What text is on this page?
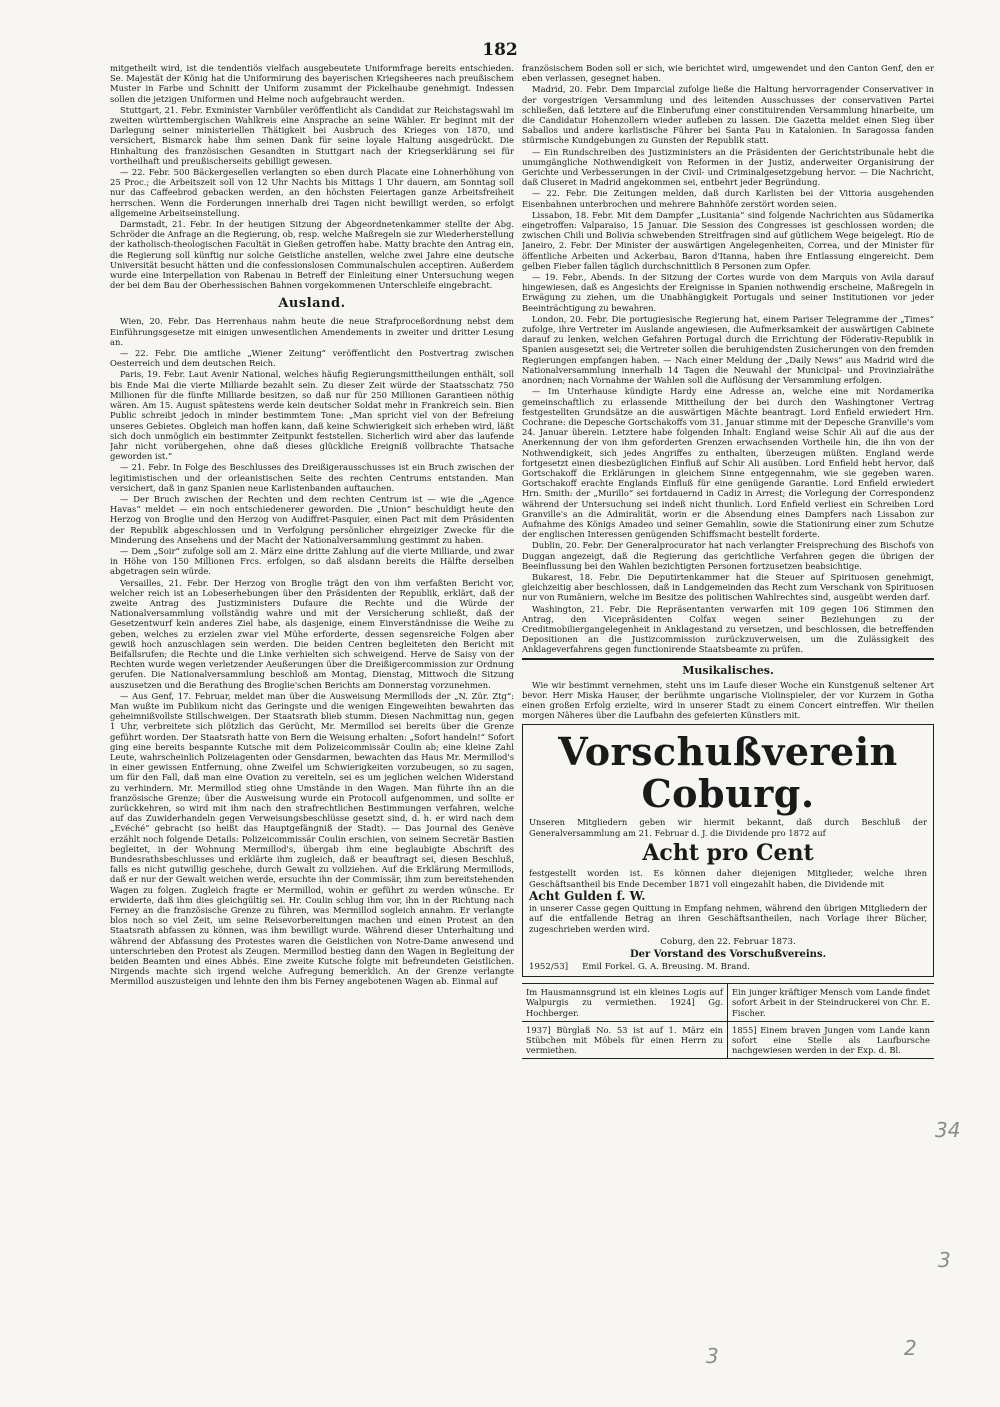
182

mitgetheilt wird, ist die tendentiös vielfach ausgebeutete Uniformfrage bereits entschieden. Se. Majestät der König hat die Uniformirung des bayerischen Kriegsheeres nach preußischem Muster in Farbe und Schnitt der Uniform zusammt der Pickelhaube genehmigt. Indessen sollen die jetzigen Uniformen und Helme noch aufgebraucht werden.

Stuttgart, 21. Febr. Exminister Varnbüler veröffentlicht als Candidat zur Reichstagswahl im zweiten württembergischen Wahlkreis eine Ansprache an seine Wähler. Er beginnt mit der Darlegung seiner ministeriellen Thätigkeit bei Ausbruch des Krieges von 1870, und versichert, Bismarck habe ihm seinen Dank für seine loyale Haltung ausgedrückt. Die Hinhaltung des französischen Gesandten in Stuttgart nach der Kriegserklärung sei für vortheilhaft und preußischerseits gebilligt gewesen.

— 22. Febr. 500 Bäckergesellen verlangten so eben durch Placate eine Lohnerhöhung von 25 Proc.; die Arbeitszeit soll von 12 Uhr Nachts bis Mittags 1 Uhr dauern, am Sonntag soll nur das Caffeebrod gebacken werden, an den höchsten Feiertagen ganze Arbeitsfreiheit herrschen. Wenn die Forderungen innerhalb drei Tagen nicht bewilligt werden, so erfolgt allgemeine Arbeitseinstellung.

Darmstadt, 21. Febr. In der heutigen Sitzung der Abgeordnetenkammer stellte der Abg. Schröder die Anfrage an die Regierung, ob, resp. welche Maßregeln sie zur Wiederherstellung der katholisch-theologischen Facultät in Gießen getroffen habe. Matty brachte den Antrag ein, die Regierung soll künftig nur solche Geistliche anstellen, welche zwei Jahre eine deutsche Universität besucht hätten und die confessionslosen Communalschulen acceptiren. Außerdem wurde eine Interpellation von Rabenau in Betreff der Einleitung einer Untersuchung wegen der bei dem Bau der Oberhessischen Bahnen vorgekommenen Unterschleife eingebracht.

Ausland.

Wien, 20. Febr. Das Herrenhaus nahm heute die neue Strafproceßordnung nebst dem Einführungsgesetze mit einigen unwesentlichen Amendements in zweiter und dritter Lesung an.

— 22. Febr. Die amtliche „Wiener Zeitung“ veröffentlicht den Postvertrag zwischen Oesterreich und dem deutschen Reich.

Paris, 19. Febr. Laut Avenir National, welches häufig Regierungsmittheilungen enthält, soll bis Ende Mai die vierte Milliarde bezahlt sein. Zu dieser Zeit würde der Staatsschatz 750 Millionen für die fünfte Milliarde besitzen, so daß nur für 250 Millionen Garantieen nöthig wären. Am 15. August spätestens werde kein deutscher Soldat mehr in Frankreich sein. Bien Public schreibt jedoch in minder bestimmtem Tone: „Man spricht viel von der Befreiung unseres Gebietes. Obgleich man hoffen kann, daß keine Schwierigkeit sich erheben wird, läßt sich doch unmöglich ein bestimmter Zeitpunkt feststellen. Sicherlich wird aber das laufende Jahr nicht vorübergehen, ohne daß dieses glückliche Ereigniß vollbrachte Thatsache geworden ist.“

— 21. Febr. In Folge des Beschlusses des Dreißigerausschusses ist ein Bruch zwischen der legitimistischen und der orleanistischen Seite des rechten Centrums entstanden. Man versichert, daß in ganz Spanien neue Karlistenbanden auftauchen.

— Der Bruch zwischen der Rechten und dem rechten Centrum ist — wie die „Agence Havas“ meldet — ein noch entschiedenerer geworden. Die „Union“ beschuldigt heute den Herzog von Broglie und den Herzog von Audiffret-Pasquier, einen Pact mit dem Präsidenten der Republik abgeschlossen und in Verfolgung persönlicher ehrgeiziger Zwecke für die Minderung des Ansehens und der Macht der Nationalversammlung gestimmt zu haben.

— Dem „Soir“ zufolge soll am 2. März eine dritte Zahlung auf die vierte Milliarde, und zwar in Höhe von 150 Millionen Frcs. erfolgen, so daß alsdann bereits die Hälfte derselben abgetragen sein würde.

Versailles, 21. Febr. Der Herzog von Broglie trägt den von ihm verfaßten Bericht vor, welcher reich ist an Lobeserhebungen über den Präsidenten der Republik, erklärt, daß der zweite Antrag des Justizministers Dufaure die Rechte und die Würde der Nationalversammlung vollständig wahre und mit der Versicherung schließt, daß der Gesetzentwurf kein anderes Ziel habe, als dasjenige, einem Einverständnisse die Weihe zu geben, welches zu erzielen zwar viel Mühe erforderte, dessen segensreiche Folgen aber gewiß hoch anzuschlagen sein werden. Die beiden Centren begleiteten den Bericht mit Beifallsrufen; die Rechte und die Linke verhielten sich schweigend. Herve de Saisy von der Rechten wurde wegen verletzender Aeußerungen über die Dreißigercommission zur Ordnung gerufen. Die Nationalversammlung beschloß am Montag, Dienstag, Mittwoch die Sitzung auszusetzen und die Berathung des Broglie'schen Berichts am Donnerstag vorzunehmen.

— Aus Genf, 17. Februar, meldet man über die Ausweisung Mermillods der „N. Zür. Ztg“: Man wußte im Publikum nicht das Geringste und die wenigen Eingeweihten bewahrten das geheimnißvollste Stillschweigen. Der Staatsrath blieb stumm. Diesen Nachmittag nun, gegen 1 Uhr, verbreitete sich plötzlich das Gerücht, Mr. Mermillod sei bereits über die Grenze geführt worden. Der Staatsrath hatte von Bern die Weisung erhalten: „Sofort handeln!“ Sofort ging eine bereits bespannte Kutsche mit dem Polizeicommissär Coulin ab; eine kleine Zahl Leute, wahrscheinlich Polizeiagenten oder Gensdarmen, bewachten das Haus Mr. Mermillod's in einer gewissen Entfernung, ohne Zweifel um Schwierigkeiten vorzubeugen, so zu sagen, um für den Fall, daß man eine Ovation zu vereiteln, sei es um jeglichen welchen Widerstand zu verhindern. Mr. Mermillod stieg ohne Umstände in den Wagen. Man führte ihn an die französische Grenze; über die Ausweisung wurde ein Protocoll aufgenommen, und sollte er zurückkehren, so wird mit ihm nach den strafrechtlichen Bestimmungen verfahren, welche auf das Zuwiderhandeln gegen Verweisungsbeschlüsse gesetzt sind, d. h. er wird nach dem „Evéché“ gebracht (so heißt das Hauptgefängniß der Stadt). — Das Journal des Genève erzählt noch folgende Details: Polizeicommissär Coulin erschien, von seinem Secretär Bastien begleitet, in der Wohnung Mermillod's, übergab ihm eine beglaubigte Abschrift des Bundesrathsbeschlusses und erklärte ihm zugleich, daß er beauftragt sei, diesen Beschluß, falls es nicht gutwillig geschehe, durch Gewalt zu vollziehen. Auf die Erklärung Mermillods, daß er nur der Gewalt weichen werde, ersuchte ihn der Commissär, ihm zum bereitstehenden Wagen zu folgen. Zugleich fragte er Mermillod, wohin er geführt zu werden wünsche. Er erwiderte, daß ihm dies gleichgültig sei. Hr. Coulin schlug ihm vor, ihn in der Richtung nach Ferney an die französische Grenze zu führen, was Mermillod sogleich annahm. Er verlangte blos noch so viel Zeit, um seine Reisevorbereitungen machen und einen Protest an den Staatsrath abfassen zu können, was ihm bewilligt wurde. Während dieser Unterhaltung und während der Abfassung des Protestes waren die Geistlichen von Notre-Dame anwesend und unterschrieben den Protest als Zeugen. Mermillod bestieg dann den Wagen in Begleitung der beiden Beamten und eines Abbés. Eine zweite Kutsche folgte mit befreundeten Geistlichen. Nirgends machte sich irgend welche Aufregung bemerklich. An der Grenze verlangte Mermillod auszusteigen und lehnte den ihm bis Ferney angebotenen Wagen ab. Einmal auf

französischem Boden soll er sich, wie berichtet wird, umgewendet und den Canton Genf, den er eben verlassen, gesegnet haben.

Madrid, 20. Febr. Dem Imparcial zufolge ließe die Haltung hervorragender Conservativer in der vorgestrigen Versammlung und des leitenden Ausschusses der conservativen Partei schließen, daß letztere auf die Einberufung einer constituirenden Versammlung hinarbeite, um die Candidatur Hohenzollern wieder aufleben zu lassen. Die Gazetta meldet einen Sieg über Saballos und andere karlistische Führer bei Santa Pau in Katalonien. In Saragossa fanden stürmische Kundgebungen zu Gunsten der Republik statt.

— Ein Rundschreiben des Justizministers an die Präsidenten der Gerichtstribunale hebt die unumgängliche Nothwendigkeit von Reformen in der Justiz, anderweiter Organisirung der Gerichte und Verbesserungen in der Civil- und Criminalgesetzgebung hervor. — Die Nachricht, daß Cluseret in Madrid angekommen sei, entbehrt jeder Begründung.

— 22. Febr. Die Zeitungen melden, daß durch Karlisten bei der Vittoria ausgehenden Eisenbahnen unterbrochen und mehrere Bahnhöfe zerstört worden seien.

Lissabon, 18. Febr. Mit dem Dampfer „Lusitania“ sind folgende Nachrichten aus Südamerika eingetroffen: Valparaiso, 15 Januar. Die Session des Congresses ist geschlossen worden; die zwischen Chili und Bolivia schwebenden Streitfragen sind auf gütlichem Wege beigelegt. Rio de Janeiro, 2. Febr. Der Minister der auswärtigen Angelegenheiten, Correa, und der Minister für öffentliche Arbeiten und Ackerbau, Baron d'Itanna, haben ihre Entlassung eingereicht. Dem gelben Fieber fallen täglich durchschnittlich 8 Personen zum Opfer.

— 19. Febr., Abends. In der Sitzung der Cortes wurde von dem Marquis von Avila darauf hingewiesen, daß es Angesichts der Ereignisse in Spanien nothwendig erscheine, Maßregeln in Erwägung zu ziehen, um die Unabhängigkeit Portugals und seiner Institutionen vor jeder Beeinträchtigung zu bewahren.

London, 20. Febr. Die portugiesische Regierung hat, einem Pariser Telegramme der „Times“ zufolge, ihre Vertreter im Auslande angewiesen, die Aufmerksamkeit der auswärtigen Cabinete darauf zu lenken, welchen Gefahren Portugal durch die Errichtung der Föderativ-Republik in Spanien ausgesetzt sei; die Vertreter sollen die beruhigendsten Zusicherungen von den fremden Regierungen empfangen haben. — Nach einer Meldung der „Daily News“ aus Madrid wird die Nationalversammlung innerhalb 14 Tagen die Neuwahl der Municipal- und Provinzialräthe anordnen; nach Vornahme der Wahlen soll die Auflösung der Versammlung erfolgen.

— Im Unterhause kündigte Hardy eine Adresse an, welche eine mit Nordamerika gemeinschaftlich zu erlassende Mittheilung der bei durch den Washingtoner Vertrag festgestellten Grundsätze an die auswärtigen Mächte beantragt. Lord Enfield erwiedert Hrn. Cochrane: die Depesche Gortschakoffs vom 31. Januar stimme mit der Depesche Granville's vom 24. Januar überein. Letztere habe folgenden Inhalt: England weise Schir Ali auf die aus der Anerkennung der von ihm geforderten Grenzen erwachsenden Vortheile hin, die ihn von der Nothwendigkeit, sich jedes Angriffes zu enthalten, überzeugen müßten. England werde fortgesetzt einen diesbezüglichen Einfluß auf Schir Ali ausüben. Lord Enfield hebt hervor, daß Gortschakoff die Erklärungen in gleichem Sinne entgegennahm, wie sie gegeben waren. Gortschakoff erachte Englands Einfluß für eine genügende Garantie. Lord Enfield erwiedert Hrn. Smith: der „Murillo“ sei fortdauernd in Cadiz in Arrest; die Vorlegung der Correspondenz während der Untersuchung sei indeß nicht thunlich. Lord Enfield verliest ein Schreiben Lord Granville's an die Admiralität, worin er die Absendung eines Dampfers nach Lissabon zur Aufnahme des Königs Amadeo und seiner Gemahlin, sowie die Stationirung einer zum Schutze der englischen Interessen genügenden Schiffsmacht bestellt forderte.

Dublin, 20. Febr. Der Generalprocurator hat nach verlangter Freisprechung des Bischofs von Duggan angezeigt, daß die Regierung das gerichtliche Verfahren gegen die übrigen der Beeinflussung bei den Wahlen bezichtigten Personen fortzusetzen beabsichtige.

Bukarest, 18. Febr. Die Deputirtenkammer hat die Steuer auf Spirituosen genehmigt, gleichzeitig aber beschlossen, daß in Landgemeinden das Recht zum Verschank von Spirituosen nur von Rumäniern, welche im Besitze des politischen Wahlrechtes sind, ausgeübt werden darf.

Washington, 21. Febr. Die Repräsentanten verwarfen mit 109 gegen 106 Stimmen den Antrag, den Vicepräsidenten Colfax wegen seiner Beziehungen zu der Creditmobiliergangelegenheit in Anklagestand zu versetzen, und beschlossen, die betreffenden Depositionen an die Justizcommission zurückzuverweisen, um die Zulässigkeit des Anklageverfahrens gegen functionirende Staatsbeamte zu prüfen.

Musikalisches.

Wie wir bestimmt vernehmen, steht uns im Laufe dieser Woche ein Kunstgenuß seltener Art bevor. Herr Miska Hauser, der berühmte ungarische Violinspieler, der vor Kurzem in Gotha einen großen Erfolg erzielte, wird in unserer Stadt zu einem Concert eintreffen. Wir theilen morgen Näheres über die Laufbahn des gefeierten Künstlers mit.

Vorschußverein Coburg.

Unseren Mitgliedern geben wir hiermit bekannt, daß durch Beschluß der Generalversammlung am 21. Februar d. J. die Dividende pro 1872 auf

Acht pro Cent

festgestellt worden ist. Es können daher diejenigen Mitglieder, welche ihren Geschäftsantheil bis Ende December 1871 voll eingezahlt haben, die Dividende mit

Acht Gulden f. W.

in unserer Casse gegen Quittung in Empfang nehmen, während den übrigen Mitgliedern der auf die entfallende Betrag an ihren Geschäftsantheilen, nach Vorlage ihrer Bücher, zugeschrieben werden wird.

Coburg, den 22. Februar 1873.
Der Vorstand des Vorschußvereins.
1952/53] Emil Forkel. G. A. Breusing. M. Brand.
Im Hausmannsgrund ist ein kleines Logis auf Walpurgis zu vermiethen. 1924] Gg. Hochberger.
Ein junger kräftiger Mensch vom Lande findet sofort Arbeit in der Steindruckerei von Chr. E. Fischer.
1937] Bürglaß No. 53 ist auf 1. März ein Stübchen mit Möbels für einen Herrn zu vermiethen.
1855] Einem braven Jungen vom Lande kann sofort eine Stelle als Laufbursche nachgewiesen werden in der Exp. d. Bl.
34
3
2
3
